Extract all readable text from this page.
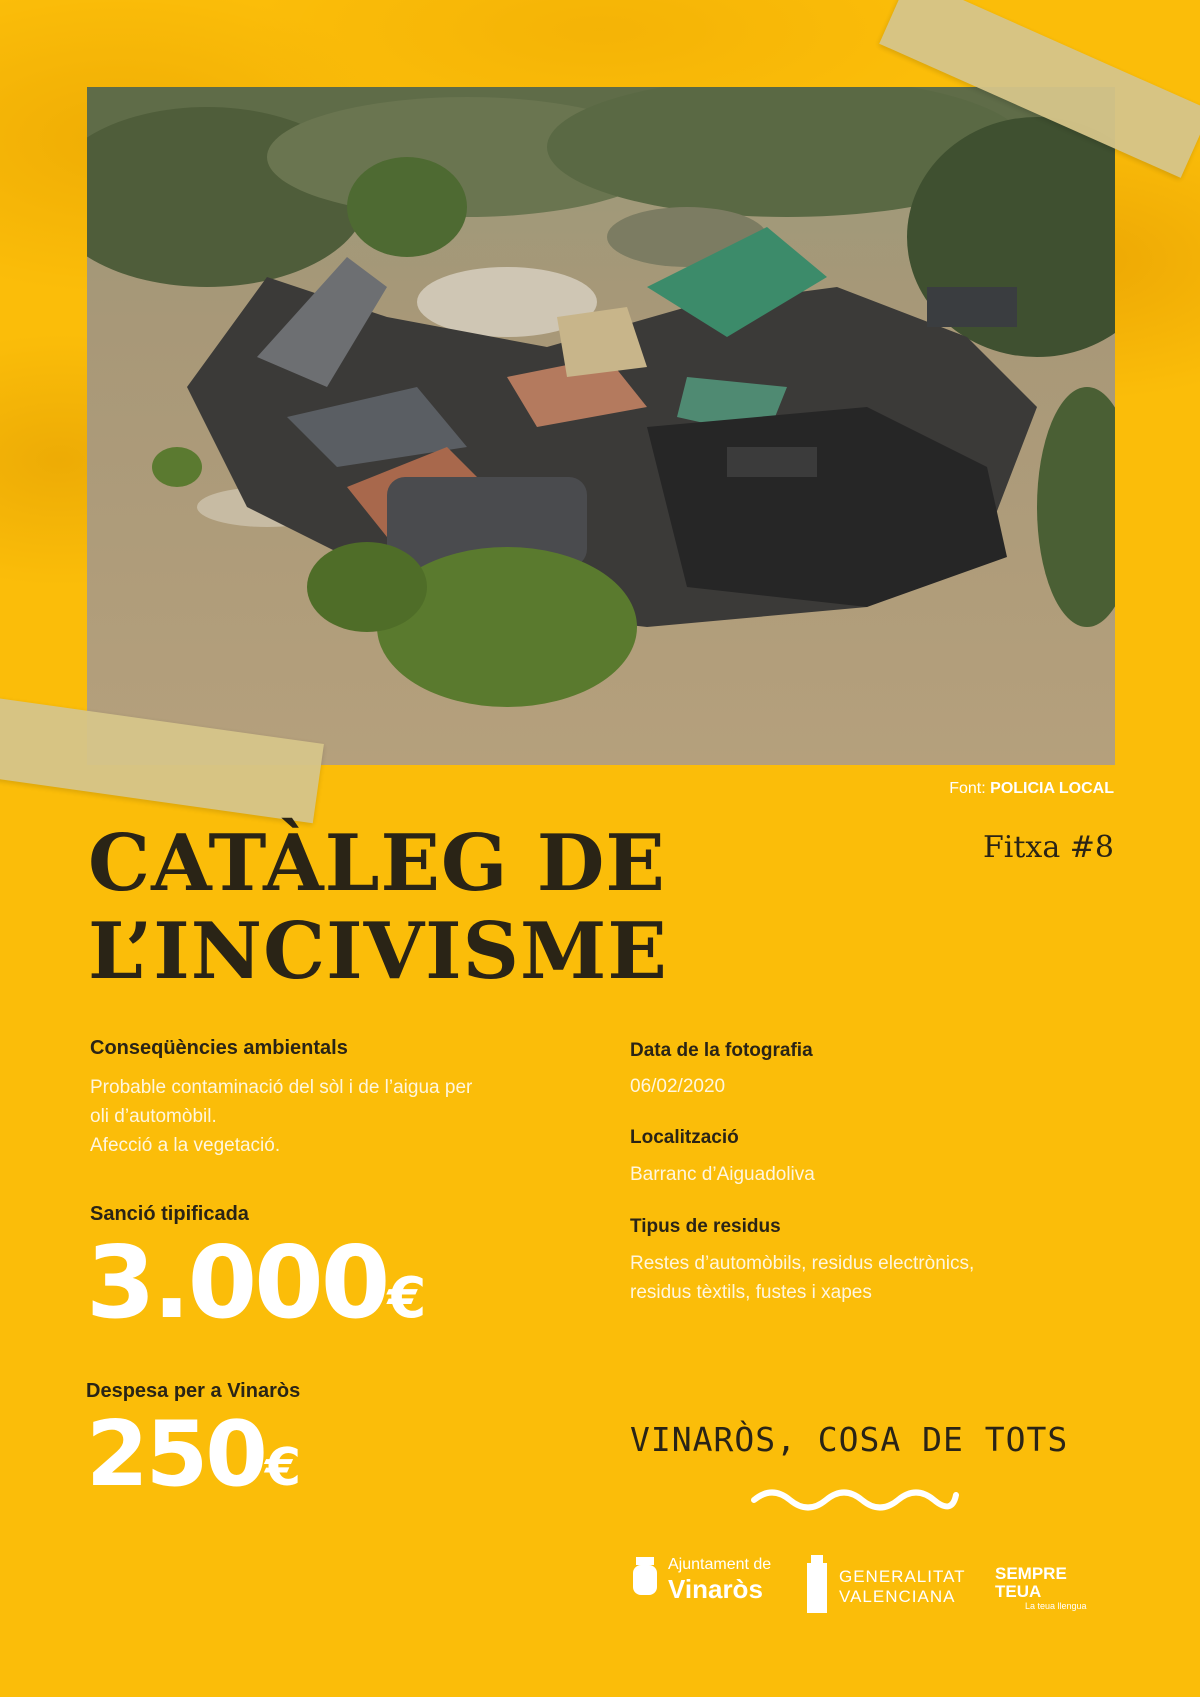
Font: POLICIA LOCAL
CATÀLEG DE
L’INCIVISME
Fitxa #8
Conseqüències ambientals
Probable contaminació del sòl i de l’aigua per
oli d’automòbil.
Afecció a la vegetació.
Sanció tipificada
3.000€
Despesa per a Vinaròs
250€
Data de la fotografia
06/02/2020
Localització
Barranc d’Aiguadoliva
Tipus de residus
Restes d’automòbils, residus electrònics,
residus tèxtils, fustes i xapes
VINARÒS, COSA DE TOTS
Ajuntament de
Vinaròs	GENERALITAT
VALENCIANA
SEMPRE
TEUA
La teua llengua
